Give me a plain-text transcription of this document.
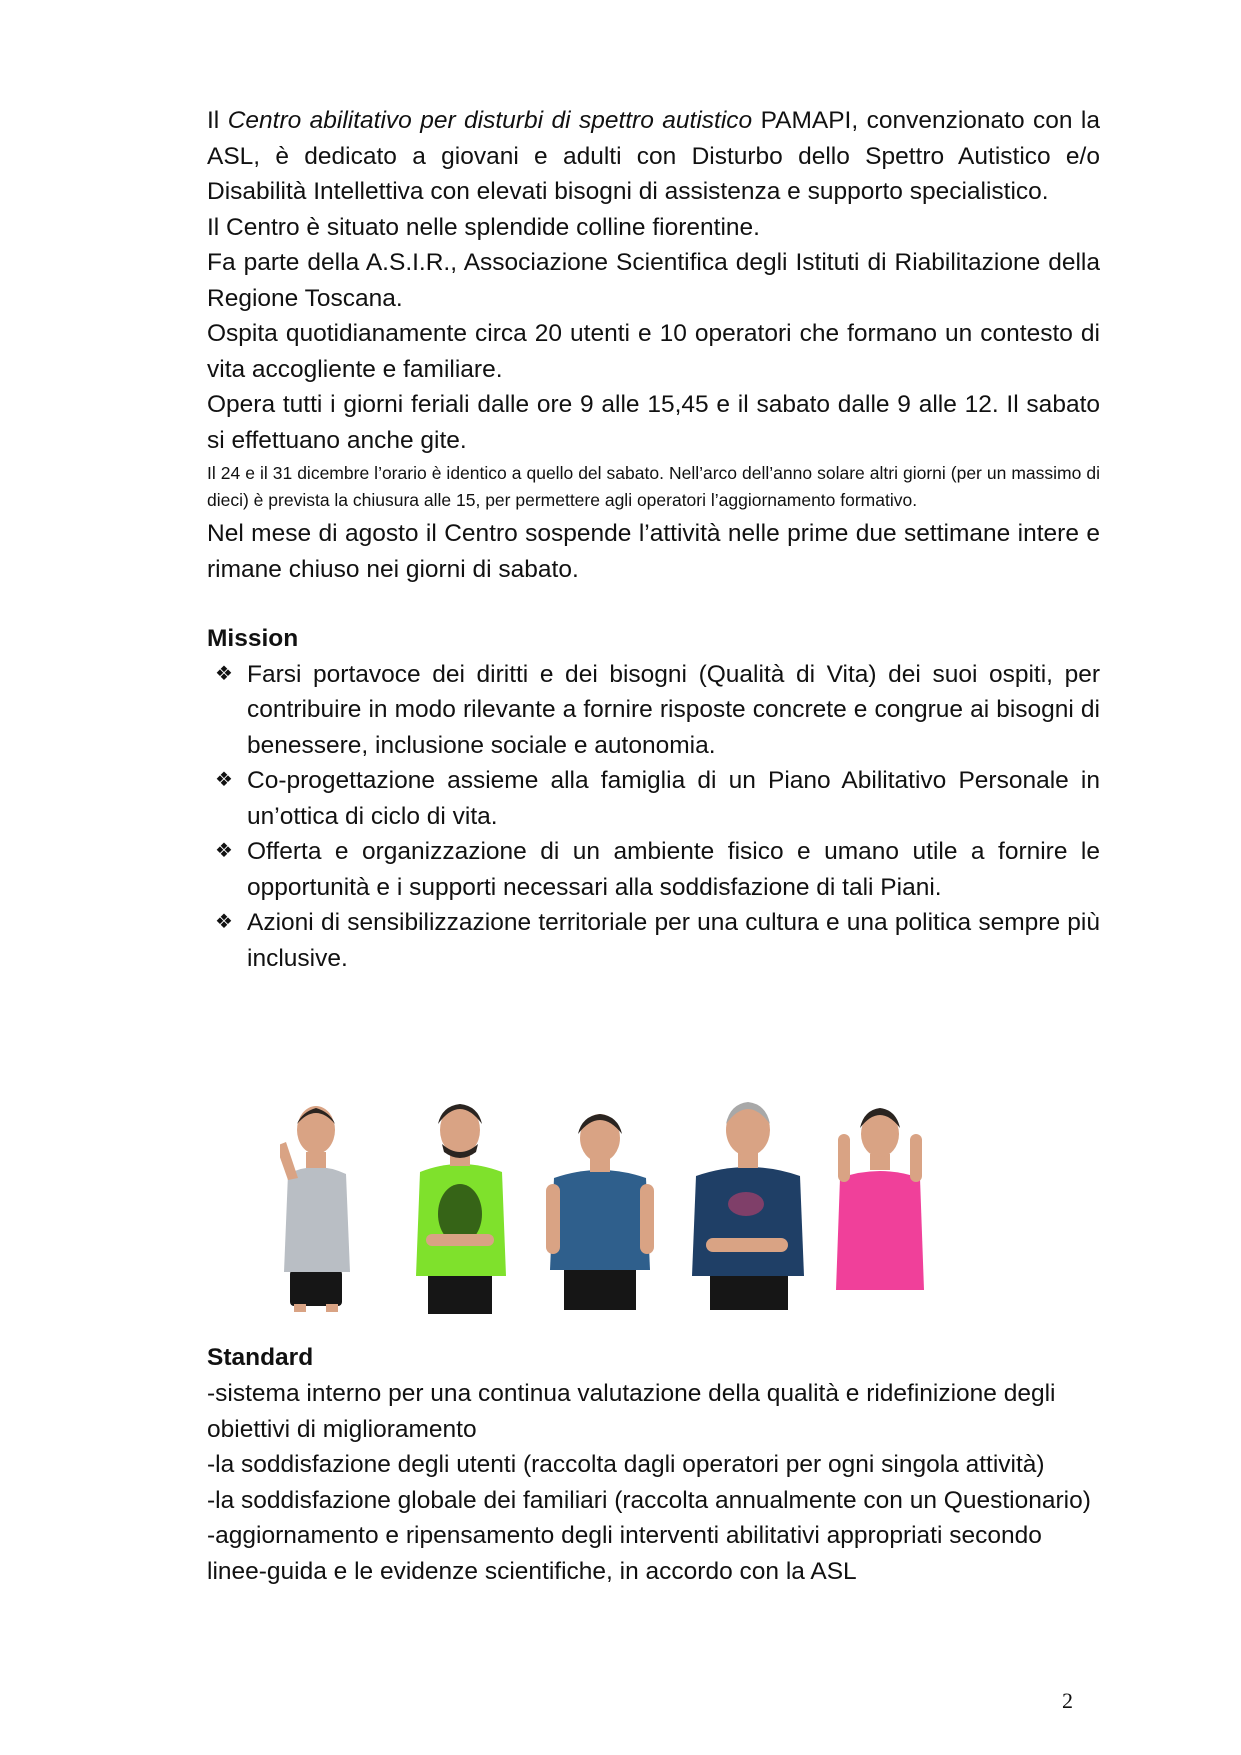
Il Centro abilitativo per disturbi di spettro autistico PAMAPI, convenzionato con la ASL, è dedicato a giovani e adulti con Disturbo dello Spettro Autistico e/o Disabilità Intellettiva con elevati bisogni di assistenza e supporto specialistico.

Il Centro è situato nelle splendide colline fiorentine.

Fa parte della A.S.I.R., Associazione Scientifica degli Istituti di Riabilitazione della Regione Toscana.

Ospita quotidianamente circa 20 utenti e 10 operatori che formano un contesto di vita accogliente e familiare.

Opera tutti i giorni feriali dalle ore 9 alle 15,45 e il sabato dalle 9 alle 12. Il sabato si effettuano anche gite.

Il 24 e il 31 dicembre l’orario è identico a quello del sabato. Nell’arco dell’anno solare altri giorni (per un massimo di dieci) è prevista la chiusura alle 15, per permettere agli operatori l’aggiornamento formativo.

Nel mese di agosto il Centro sospende l’attività nelle prime due settimane intere e rimane chiuso nei giorni di sabato.

Mission

❖ Farsi portavoce dei diritti e dei bisogni (Qualità di Vita) dei suoi ospiti, per contribuire in modo rilevante a fornire risposte concrete e congrue ai bisogni di benessere, inclusione sociale e autonomia.
❖ Co-progettazione assieme alla famiglia di un Piano Abilitativo Personale in un’ottica di ciclo di vita.
❖ Offerta e organizzazione di un ambiente fisico e umano utile a fornire le opportunità e i supporti necessari alla soddisfazione di tali Piani.
❖ Azioni di sensibilizzazione territoriale per una cultura e una politica sempre più inclusive.
Standard

-sistema interno per una continua valutazione della qualità e ridefinizione degli obiettivi di miglioramento

-la soddisfazione degli utenti (raccolta dagli operatori per ogni singola attività)

-la soddisfazione globale dei familiari (raccolta annualmente con un Questionario)

-aggiornamento e ripensamento degli interventi abilitativi appropriati secondo linee-guida e le evidenze scientifiche, in accordo con la ASL

2
